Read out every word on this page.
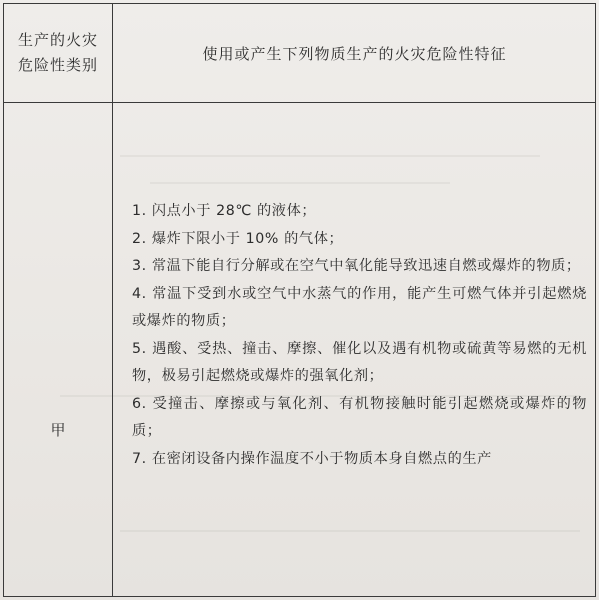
生产的火灾
危险性类别
使用或产生下列物质生产的火灾危险性特征
甲
1. 闪点小于 28℃ 的液体；
2. 爆炸下限小于 10% 的气体；
3. 常温下能自行分解或在空气中氧化能导致迅速自燃或爆炸的物质；
4. 常温下受到水或空气中水蒸气的作用，能产生可燃气体并引起燃烧或爆炸的物质；
5. 遇酸、受热、撞击、摩擦、催化以及遇有机物或硫黄等易燃的无机物，极易引起燃烧或爆炸的强氧化剂；
6. 受撞击、摩擦或与氧化剂、有机物接触时能引起燃烧或爆炸的物质；
7. 在密闭设备内操作温度不小于物质本身自燃点的生产
